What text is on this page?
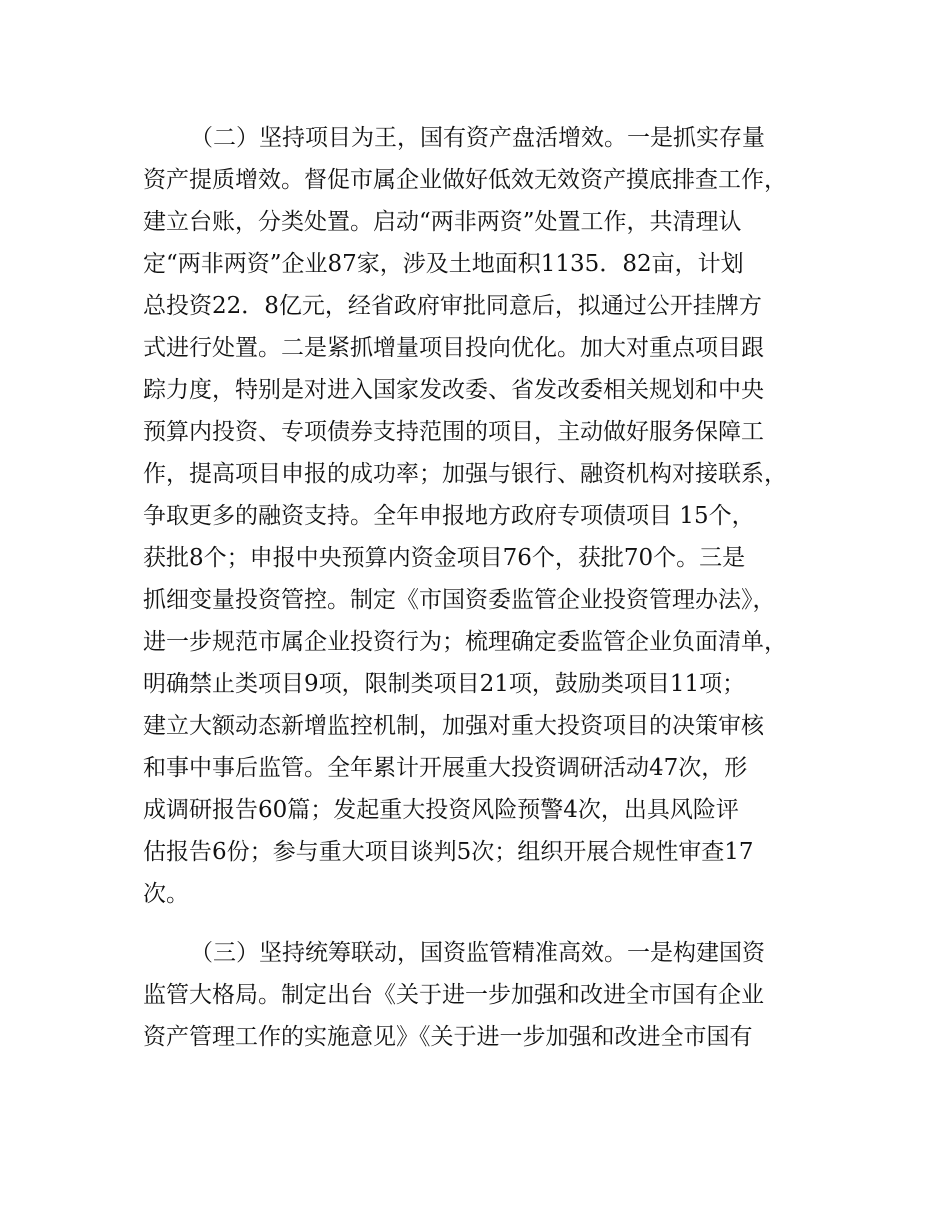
（二）坚持项目为王，国有资产盘活增效。一是抓实存量
资产提质增效。督促市属企业做好低效无效资产摸底排查工作，
建立台账，分类处置。启动“两非两资”处置工作，共清理认
定“两非两资”企业87家，涉及土地面积1135．82亩，计划
总投资22．8亿元，经省政府审批同意后，拟通过公开挂牌方
式进行处置。二是紧抓增量项目投向优化。加大对重点项目跟
踪力度，特别是对进入国家发改委、省发改委相关规划和中央
预算内投资、专项债券支持范围的项目，主动做好服务保障工
作，提高项目申报的成功率；加强与银行、融资机构对接联系，
争取更多的融资支持。全年申报地方政府专项债项目 15个，
获批8个；申报中央预算内资金项目76个，获批70个。三是
抓细变量投资管控。制定《市国资委监管企业投资管理办法》，
进一步规范市属企业投资行为；梳理确定委监管企业负面清单，
明确禁止类项目9项，限制类项目21项，鼓励类项目11项；
建立大额动态新增监控机制，加强对重大投资项目的决策审核
和事中事后监管。全年累计开展重大投资调研活动47次，形
成调研报告60篇；发起重大投资风险预警4次，出具风险评
估报告6份；参与重大项目谈判5次；组织开展合规性审查17
次。
（三）坚持统筹联动，国资监管精准高效。一是构建国资
监管大格局。制定出台《关于进一步加强和改进全市国有企业
资产管理工作的实施意见》《关于进一步加强和改进全市国有
